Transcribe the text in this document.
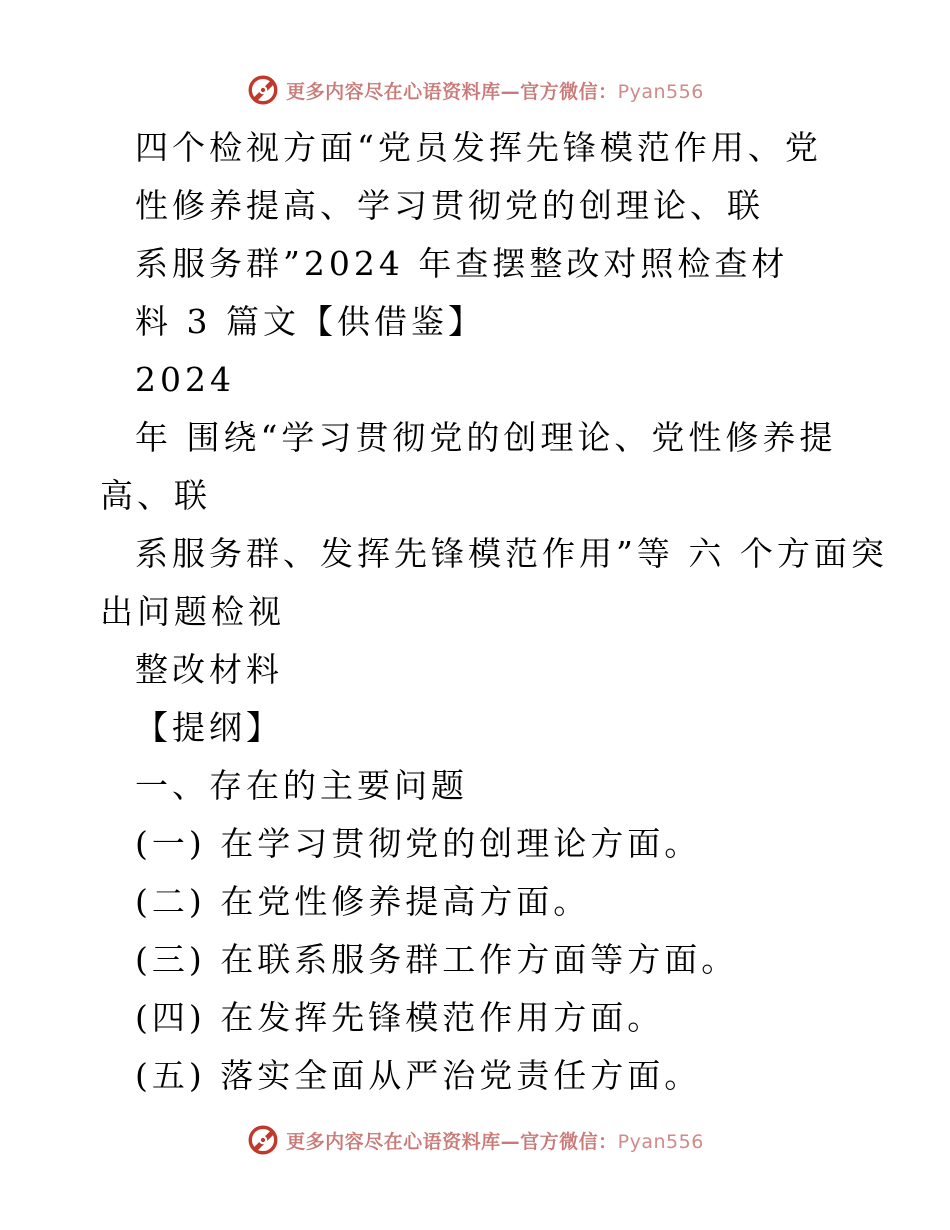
更多内容尽在心语资料库—官方微信：Pyan556
四个检视方面“党员发挥先锋模范作用、党
性修养提高、学习贯彻党的创理论、联
系服务群”2024 年查摆整改对照检查材
料 3 篇文【供借鉴】
2024
年 围绕“学习贯彻党的创理论、党性修养提
高、联
系服务群、发挥先锋模范作用”等 六 个方面突
出问题检视
整改材料
【提纲】
一、存在的主要问题
(一) 在学习贯彻党的创理论方面。
(二) 在党性修养提高方面。
(三) 在联系服务群工作方面等方面。
(四) 在发挥先锋模范作用方面。
(五) 落实全面从严治党责任方面。
更多内容尽在心语资料库—官方微信：Pyan556
